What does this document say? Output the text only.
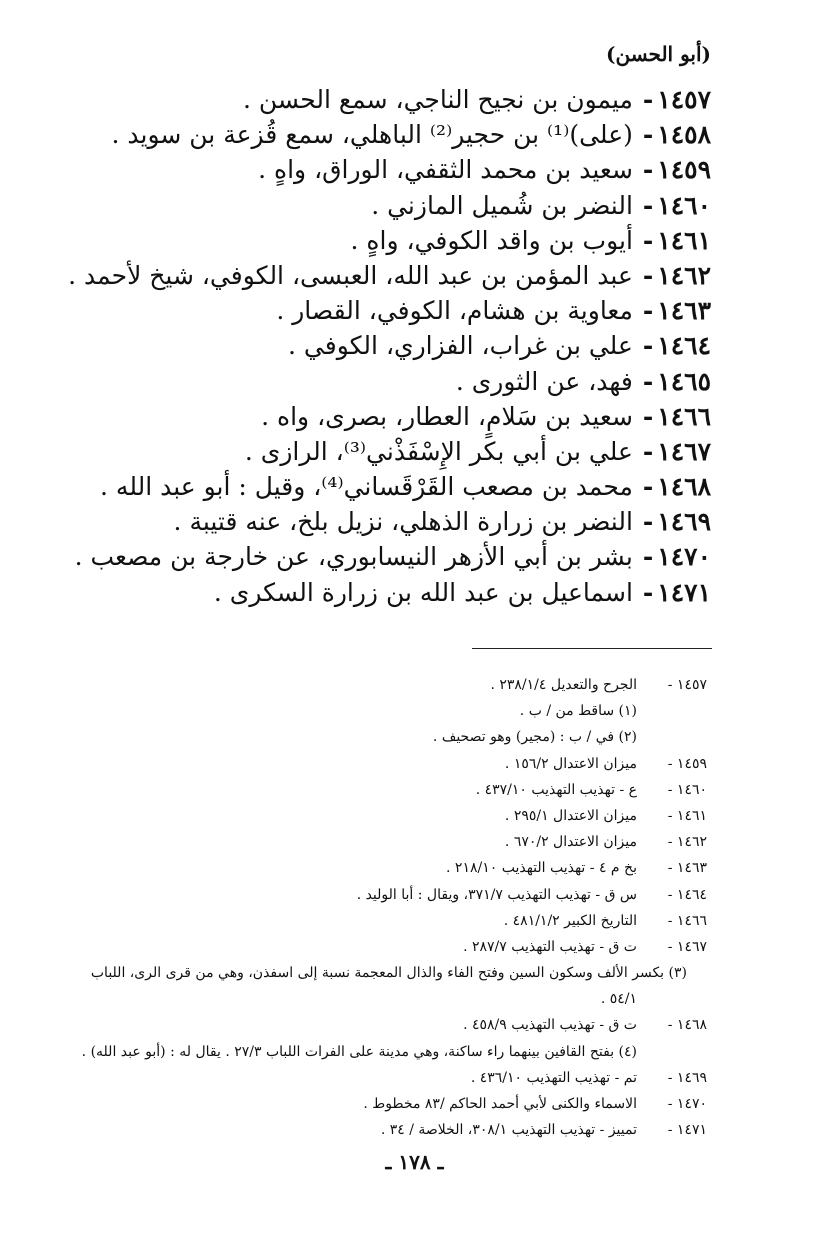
(أبو الحسن)
١٤٥٧
-
ميمون بن نجيح الناجي، سمع الحسن .
١٤٥٨
-
(على)⁽¹⁾ بن حجير⁽²⁾ الباهلي، سمع قُزعة بن سويد .
١٤٥٩
-
سعيد بن محمد الثقفي، الوراق، واهٍ .
١٤٦٠
-
النضر بن شُميل المازني .
١٤٦١
-
أيوب بن واقد الكوفي، واهٍ .
١٤٦٢
-
عبد المؤمن بن عبد الله، العبسى، الكوفي، شيخ لأحمد .
١٤٦٣
-
معاوية بن هشام، الكوفي، القصار .
١٤٦٤
-
علي بن غراب، الفزاري، الكوفي .
١٤٦٥
-
فهد، عن الثورى .
١٤٦٦
-
سعيد بن سَلامٍ، العطار، بصرى، واه .
١٤٦٧
-
علي بن أبي بكر الإِسْفَذْني⁽³⁾، الرازى .
١٤٦٨
-
محمد بن مصعب القَرْقَساني⁽⁴⁾، وقيل : أبو عبد الله .
١٤٦٩
-
النضر بن زرارة الذهلي، نزيل بلخ، عنه قتيبة .
١٤٧٠
-
بشر بن أبي الأزهر النيسابوري، عن خارجة بن مصعب .
١٤٧١
-
اسماعيل بن عبد الله بن زرارة السكرى .
١٤٥٧ -
الجرح والتعديل ٢٣٨/١/٤ .
(١) ساقط من / ب .
(٢) في / ب : (مجير) وهو تصحيف .
١٤٥٩ -
ميزان الاعتدال ١٥٦/٢ .
١٤٦٠ -
ع - تهذيب التهذيب ٤٣٧/١٠ .
١٤٦١ -
ميزان الاعتدال ٢٩٥/١ .
١٤٦٢ -
ميزان الاعتدال ٦٧٠/٢ .
١٤٦٣ -
بخ م ٤ - تهذيب التهذيب ٢١٨/١٠ .
١٤٦٤ -
س ق - تهذيب التهذيب ٣٧١/٧، ويقال : أبا الوليد .
١٤٦٦ -
التاريخ الكبير ٤٨١/١/٢ .
١٤٦٧ -
ت ق - تهذيب التهذيب ٢٨٧/٧ .
(٣) بكسر الألف وسكون السين وفتح الفاء والذال المعجمة نسبة إلى اسفذن، وهي من قرى الرى، اللباب
٥٤/١ .
١٤٦٨ -
ت ق - تهذيب التهذيب ٤٥٨/٩ .
(٤) بفتح القافين بينهما راء ساكنة، وهي مدينة على الفرات اللباب ٢٧/٣ . يقال له : (أبو عبد الله) .
١٤٦٩ -
تم - تهذيب التهذيب ٤٣٦/١٠ .
١٤٧٠ -
الاسماء والكنى لأبي أحمد الحاكم /٨٣ مخطوط .
١٤٧١ -
تمييز - تهذيب التهذيب ٣٠٨/١، الخلاصة / ٣٤ .
ـ ١٧٨ ـ
